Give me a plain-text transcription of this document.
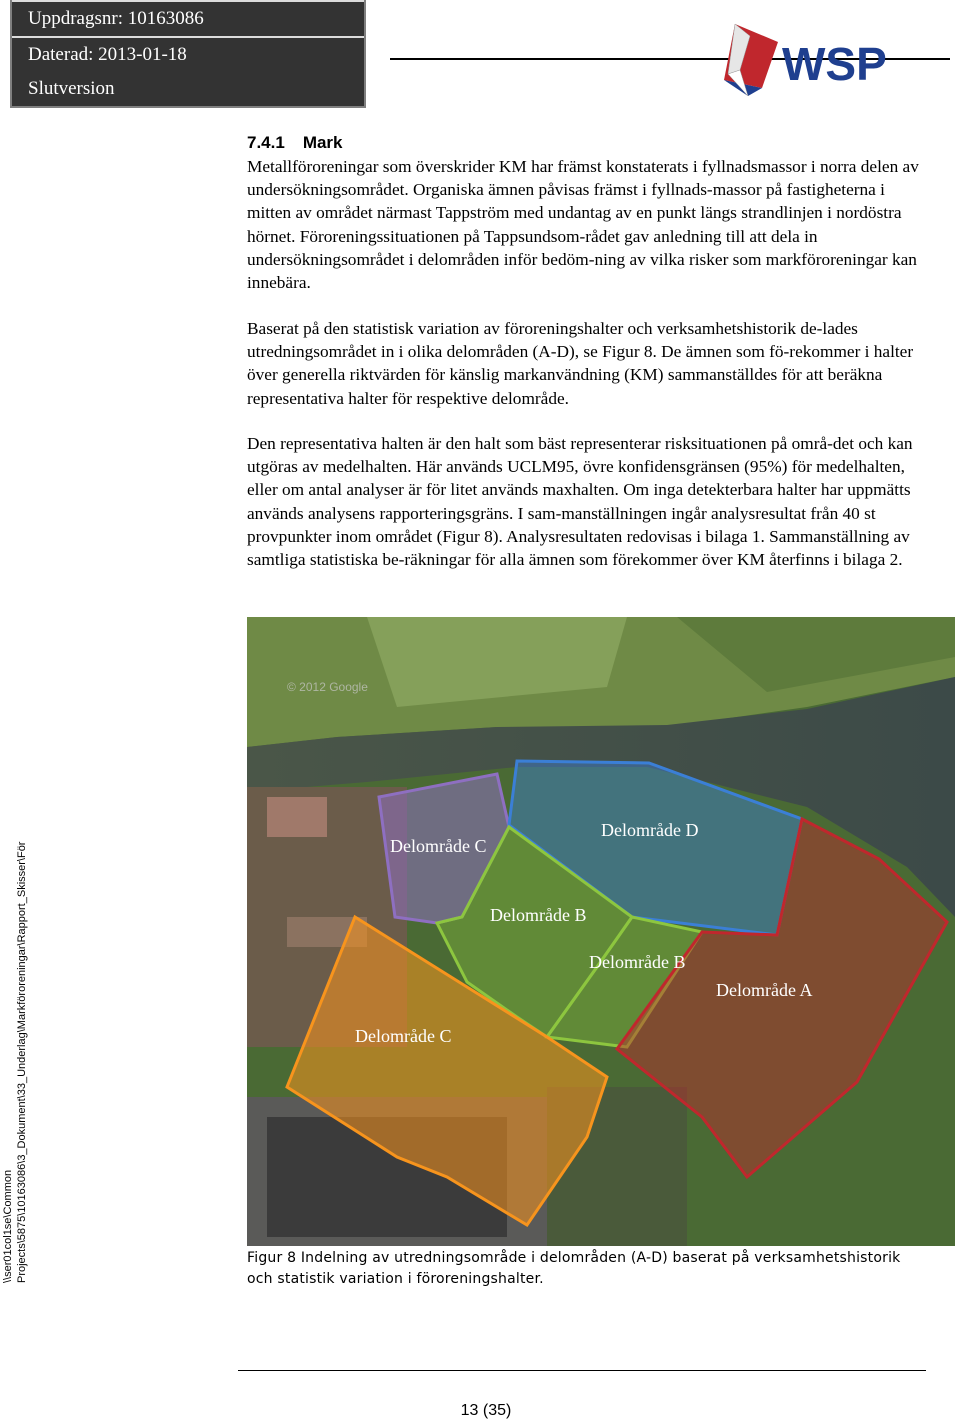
Uppdragsnr: 10163086
Daterad: 2013-01-18
Slutversion	WSP
7.4.1 Mark

Metallföroreningar som överskrider KM har främst konstaterats i fyllnadsmassor i norra delen av undersökningsområdet. Organiska ämnen påvisas främst i fyllnads-massor på fastigheterna i mitten av området närmast Tappström med undantag av en punkt längs strandlinjen i nordöstra hörnet. Föroreningssituationen på Tappsundsom-rådet gav anledning till att dela in undersökningsområdet i delområden inför bedöm-ning av vilka risker som markföroreningar kan innebära.

Baserat på den statistisk variation av föroreningshalter och verksamhetshistorik de-lades utredningsområdet in i olika delområden (A-D), se Figur 8. De ämnen som fö-rekommer i halter över generella riktvärden för känslig markanvändning (KM) sammanställdes för att beräkna representativa halter för respektive delområde.

Den representativa halten är den halt som bäst representerar risksituationen på områ-det och kan utgöras av medelhalten. Här används UCLM95, övre konfidensgränsen (95%) för medelhalten, eller om antal analyser är för litet används maxhalten. Om inga detekterbara halter har uppmätts används analysens rapporteringsgräns. I sam-manställningen ingår analysresultat från 40 st provpunkter inom området (Figur 8). Analysresultaten redovisas i bilaga 1. Sammanställning av samtliga statistiska be-räkningar för alla ämnen som förekommer över KM återfinns i bilaga 2.

Delområde C
Delområde D
Delområde B
Delområde B
Delområde A
Delområde C
© 2012 Google
\\ser01col1se\Common Projects\5875\10163086\3_Dokument\33_Underlag\Markföroreningar\Rapport_Skisser\För	Figur 8 Indelning av utredningsområde i delområden (A-D) baserat på verksamhetshistorik
och statistik variation i föroreningshalter.
13 (35)
